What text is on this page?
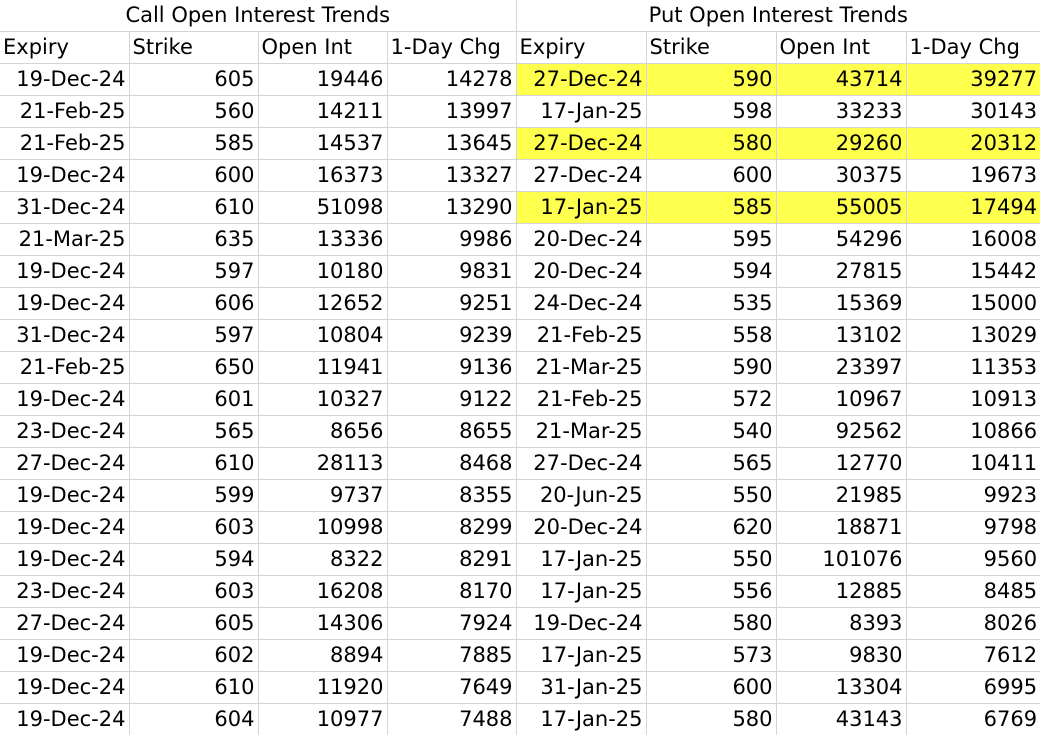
Call Open Interest Trends				Put Open Interest Trends			
Expiry	Strike	Open Int	1-Day Chg	Expiry	Strike	Open Int	1-Day Chg
19-Dec-24	605	19446	14278	27-Dec-24	590	43714	39277
21-Feb-25	560	14211	13997	17-Jan-25	598	33233	30143
21-Feb-25	585	14537	13645	27-Dec-24	580	29260	20312
19-Dec-24	600	16373	13327	27-Dec-24	600	30375	19673
31-Dec-24	610	51098	13290	17-Jan-25	585	55005	17494
21-Mar-25	635	13336	9986	20-Dec-24	595	54296	16008
19-Dec-24	597	10180	9831	20-Dec-24	594	27815	15442
19-Dec-24	606	12652	9251	24-Dec-24	535	15369	15000
31-Dec-24	597	10804	9239	21-Feb-25	558	13102	13029
21-Feb-25	650	11941	9136	21-Mar-25	590	23397	11353
19-Dec-24	601	10327	9122	21-Feb-25	572	10967	10913
23-Dec-24	565	8656	8655	21-Mar-25	540	92562	10866
27-Dec-24	610	28113	8468	27-Dec-24	565	12770	10411
19-Dec-24	599	9737	8355	20-Jun-25	550	21985	9923
19-Dec-24	603	10998	8299	20-Dec-24	620	18871	9798
19-Dec-24	594	8322	8291	17-Jan-25	550	101076	9560
23-Dec-24	603	16208	8170	17-Jan-25	556	12885	8485
27-Dec-24	605	14306	7924	19-Dec-24	580	8393	8026
19-Dec-24	602	8894	7885	17-Jan-25	573	9830	7612
19-Dec-24	610	11920	7649	31-Jan-25	600	13304	6995
19-Dec-24	604	10977	7488	17-Jan-25	580	43143	6769
